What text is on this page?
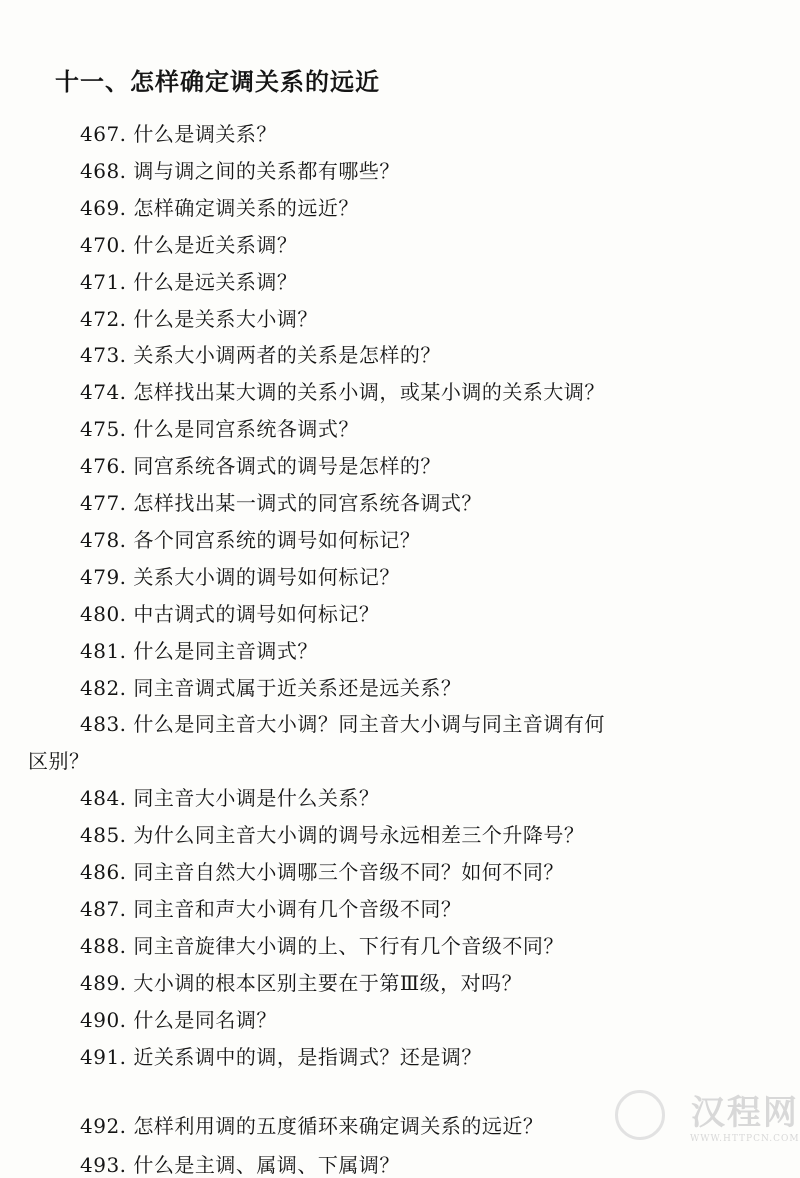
十一、怎样确定调关系的远近
467. 什么是调关系？
468. 调与调之间的关系都有哪些？
469. 怎样确定调关系的远近？
470. 什么是近关系调？
471. 什么是远关系调？
472. 什么是关系大小调？
473. 关系大小调两者的关系是怎样的？
474. 怎样找出某大调的关系小调，或某小调的关系大调？
475. 什么是同宫系统各调式？
476. 同宫系统各调式的调号是怎样的？
477. 怎样找出某一调式的同宫系统各调式？
478. 各个同宫系统的调号如何标记？
479. 关系大小调的调号如何标记？
480. 中古调式的调号如何标记？
481. 什么是同主音调式？
482. 同主音调式属于近关系还是远关系？
483. 什么是同主音大小调？同主音大小调与同主音调有何
区别？
484. 同主音大小调是什么关系？
485. 为什么同主音大小调的调号永远相差三个升降号？
486. 同主音自然大小调哪三个音级不同？如何不同？
487. 同主音和声大小调有几个音级不同？
488. 同主音旋律大小调的上、下行有几个音级不同？
489. 大小调的根本区别主要在于第Ⅲ级，对吗？
490. 什么是同名调？
491. 近关系调中的调，是指调式？还是调？
492. 怎样利用调的五度循环来确定调关系的远近？
493. 什么是主调、属调、下属调？
汉程网
WWW.HTTPCN.COM
